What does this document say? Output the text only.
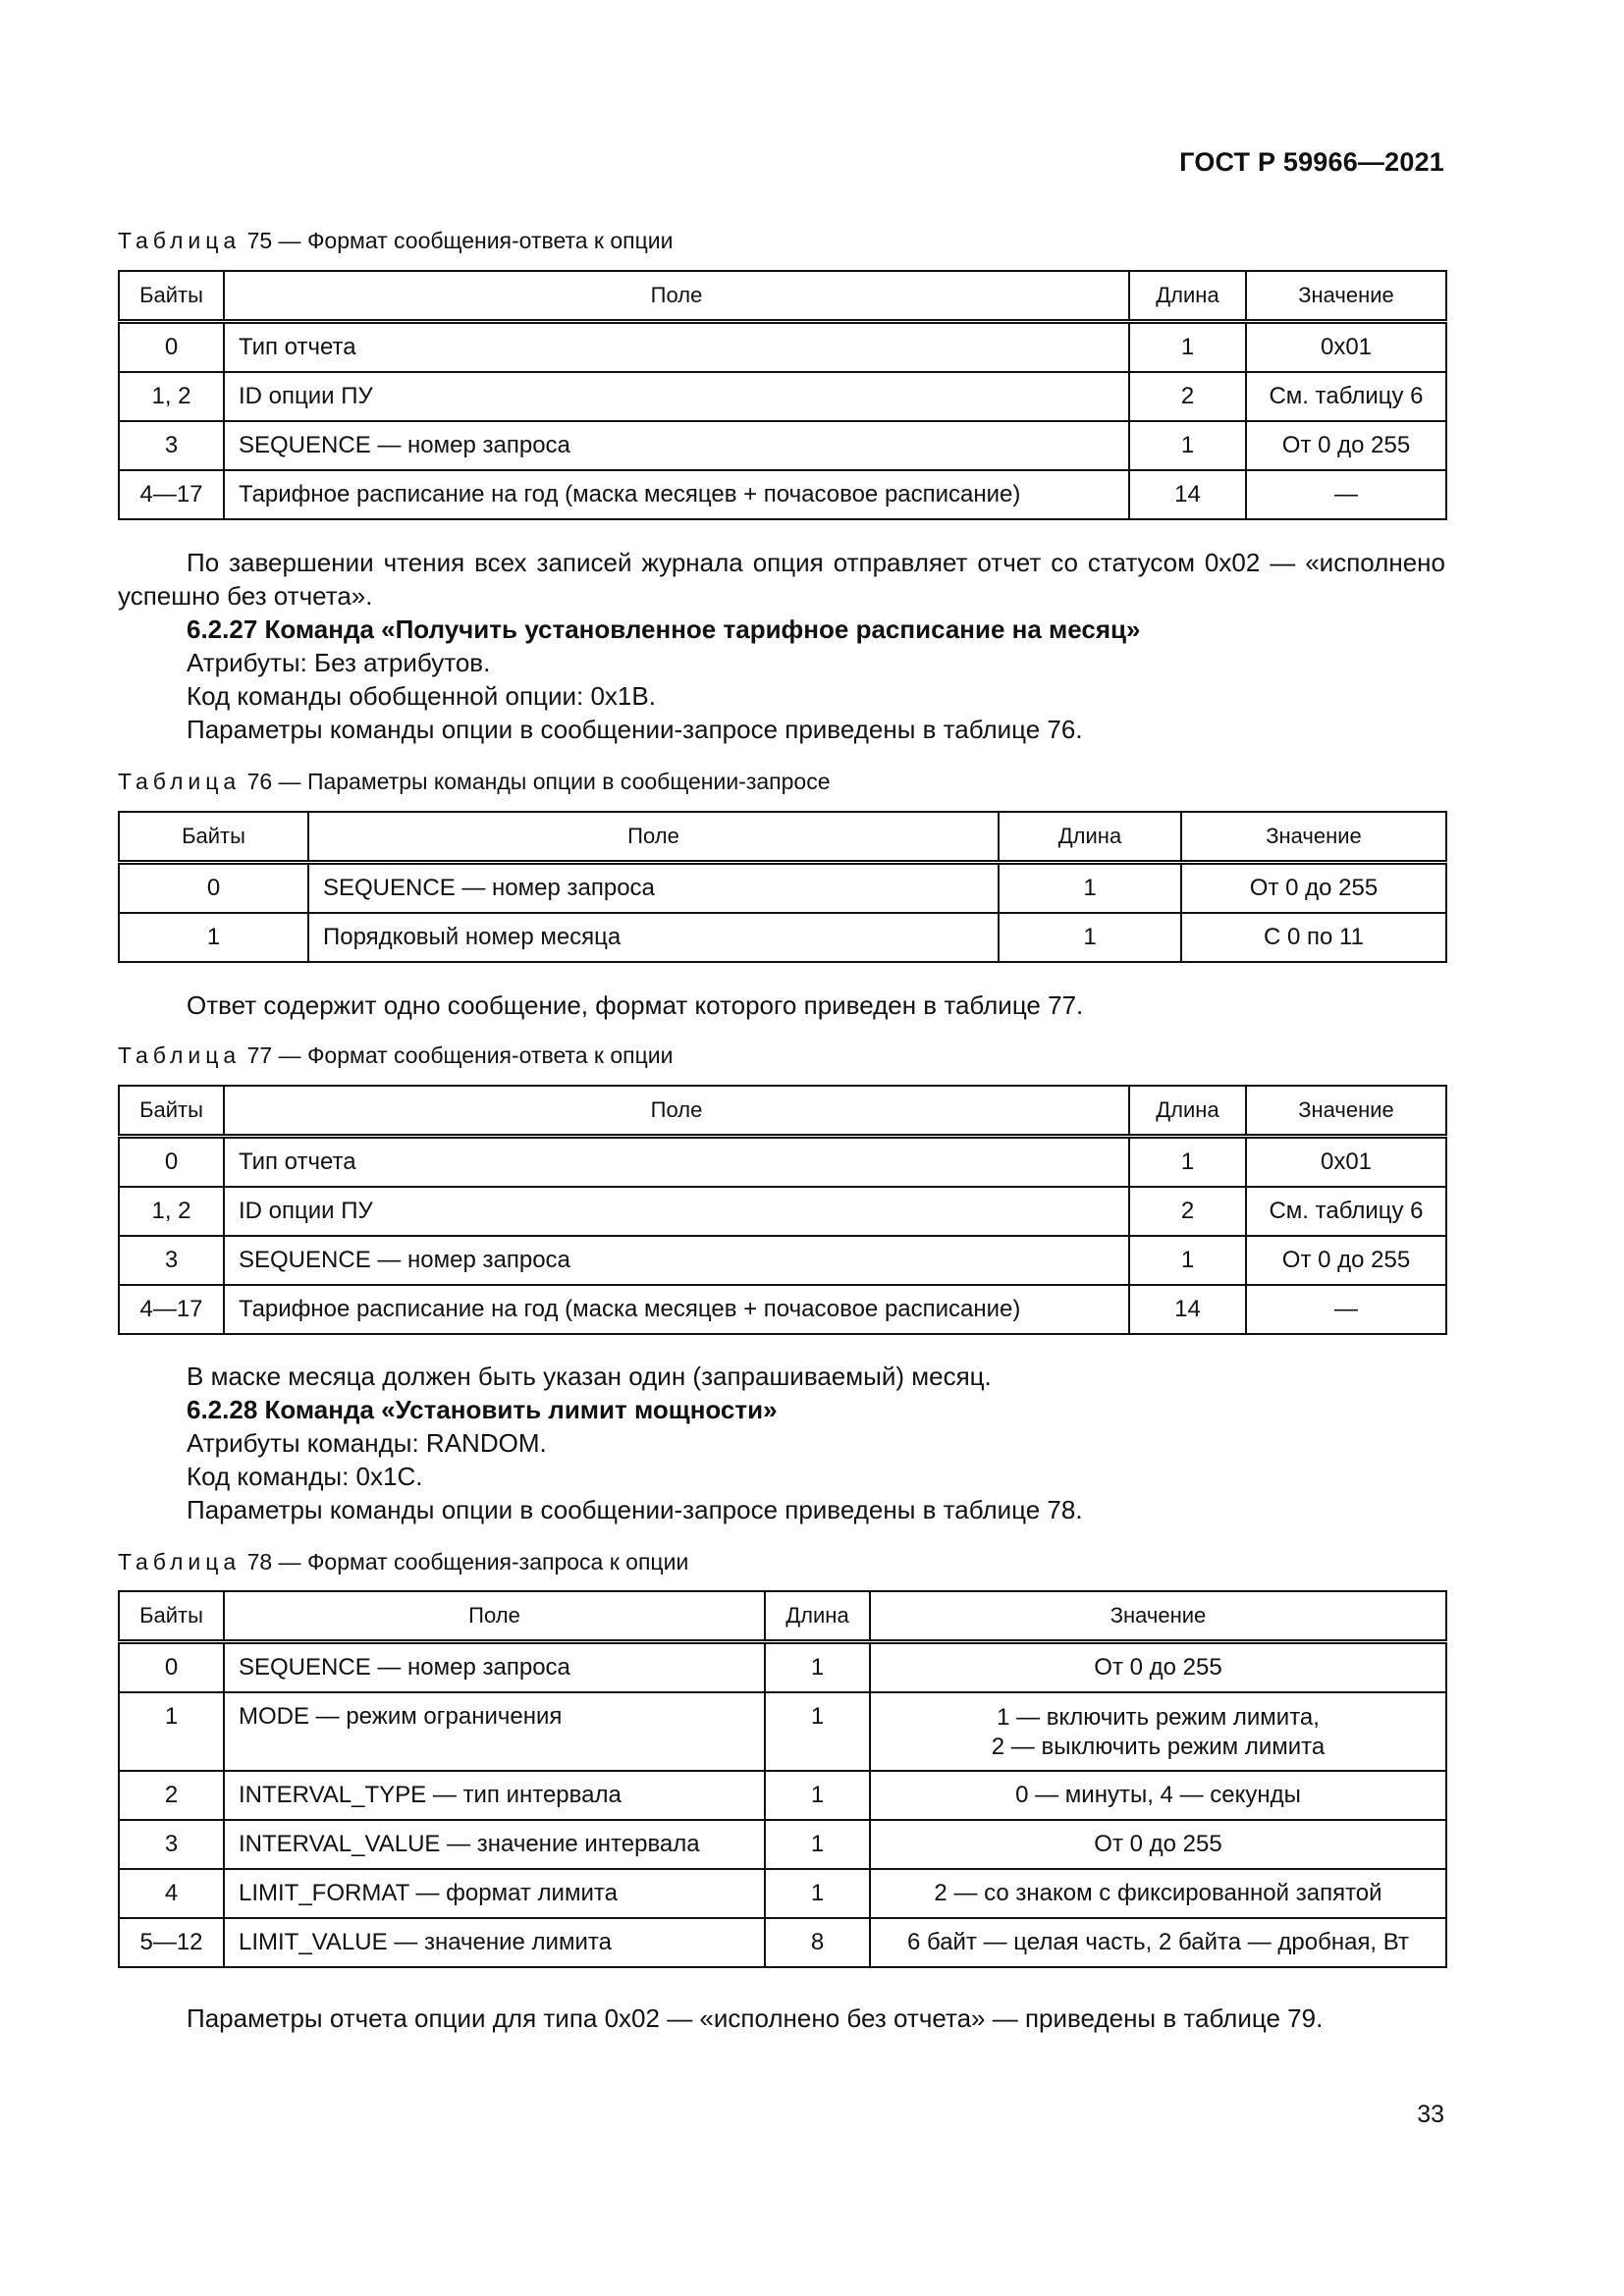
ГОСТ Р 59966—2021
Таблица 75 — Формат сообщения-ответа к опции
Байты	Поле	Длина	Значение
0	Тип отчета	1	0x01
1, 2	ID опции ПУ	2	См. таблицу 6
3	SEQUENCE — номер запроса	1	От 0 до 255
4—17	Тарифное расписание на год (маска месяцев + почасовое расписание)	14	—

По завершении чтения всех записей журнала опция отправляет отчет со статусом 0x02 — «исполнено успешно без отчета».

6.2.27 Команда «Получить установленное тарифное расписание на месяц»

Атрибуты: Без атрибутов.

Код команды обобщенной опции: 0x1B.

Параметры команды опции в сообщении-запросе приведены в таблице 76.

Таблица 76 — Параметры команды опции в сообщении-запросе
Байты	Поле	Длина	Значение
0	SEQUENCE — номер запроса	1	От 0 до 255
1	Порядковый номер месяца	1	С 0 по 11

Ответ содержит одно сообщение, формат которого приведен в таблице 77.

Таблица 77 — Формат сообщения-ответа к опции
Байты	Поле	Длина	Значение
0	Тип отчета	1	0x01
1, 2	ID опции ПУ	2	См. таблицу 6
3	SEQUENCE — номер запроса	1	От 0 до 255
4—17	Тарифное расписание на год (маска месяцев + почасовое расписание)	14	—

В маске месяца должен быть указан один (запрашиваемый) месяц.

6.2.28 Команда «Установить лимит мощности»

Атрибуты команды: RANDOM.

Код команды: 0x1C.

Параметры команды опции в сообщении-запросе приведены в таблице 78.

Таблица 78 — Формат сообщения-запроса к опции
Байты	Поле	Длина	Значение
0	SEQUENCE — номер запроса	1	От 0 до 255
1	MODE — режим ограничения	1	1 — включить режим лимита,
2 — выключить режим лимита

2	INTERVAL_TYPE — тип интервала	1	0 — минуты, 4 — секунды
3	INTERVAL_VALUE — значение интервала	1	От 0 до 255
4	LIMIT_FORMAT — формат лимита	1	2 — со знаком с фиксированной запятой
5—12	LIMIT_VALUE — значение лимита	8	6 байт — целая часть, 2 байта — дробная, Вт

Параметры отчета опции для типа 0x02 — «исполнено без отчета» — приведены в таблице 79.

33
